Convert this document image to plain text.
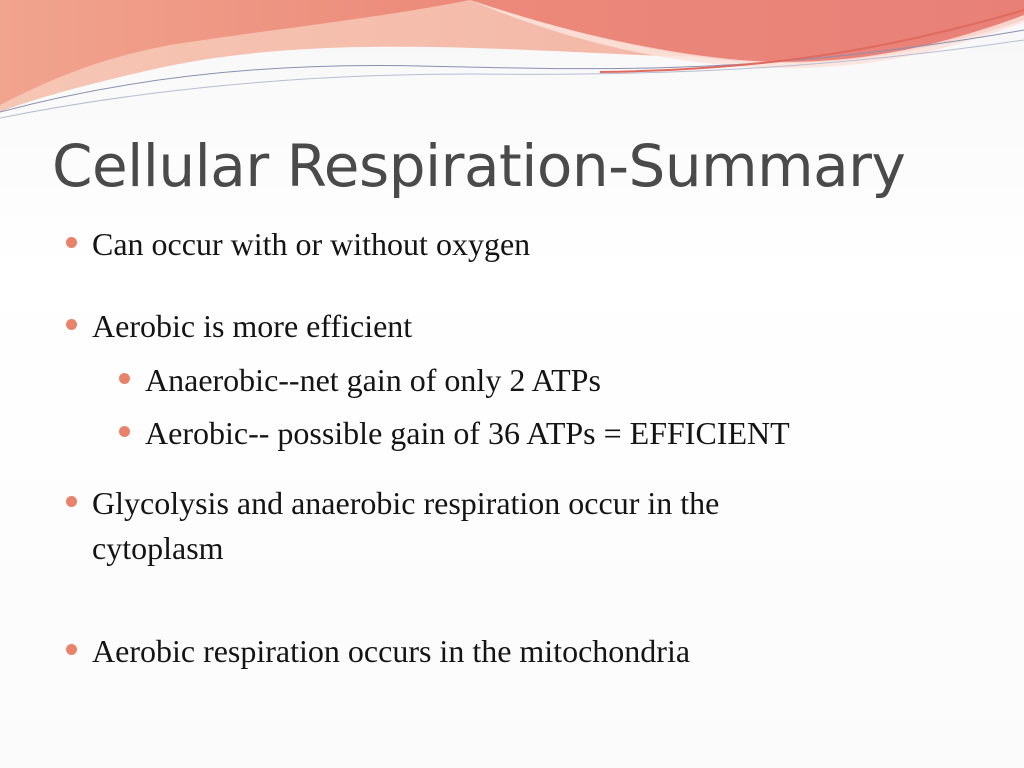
Cellular Respiration-Summary
Can occur with or without oxygen
Aerobic is more efficient
Anaerobic--net gain of only 2 ATPs
Aerobic-- possible gain of 36 ATPs = EFFICIENT
Glycolysis and anaerobic respiration occur in the
cytoplasm
Aerobic respiration occurs in the mitochondria
